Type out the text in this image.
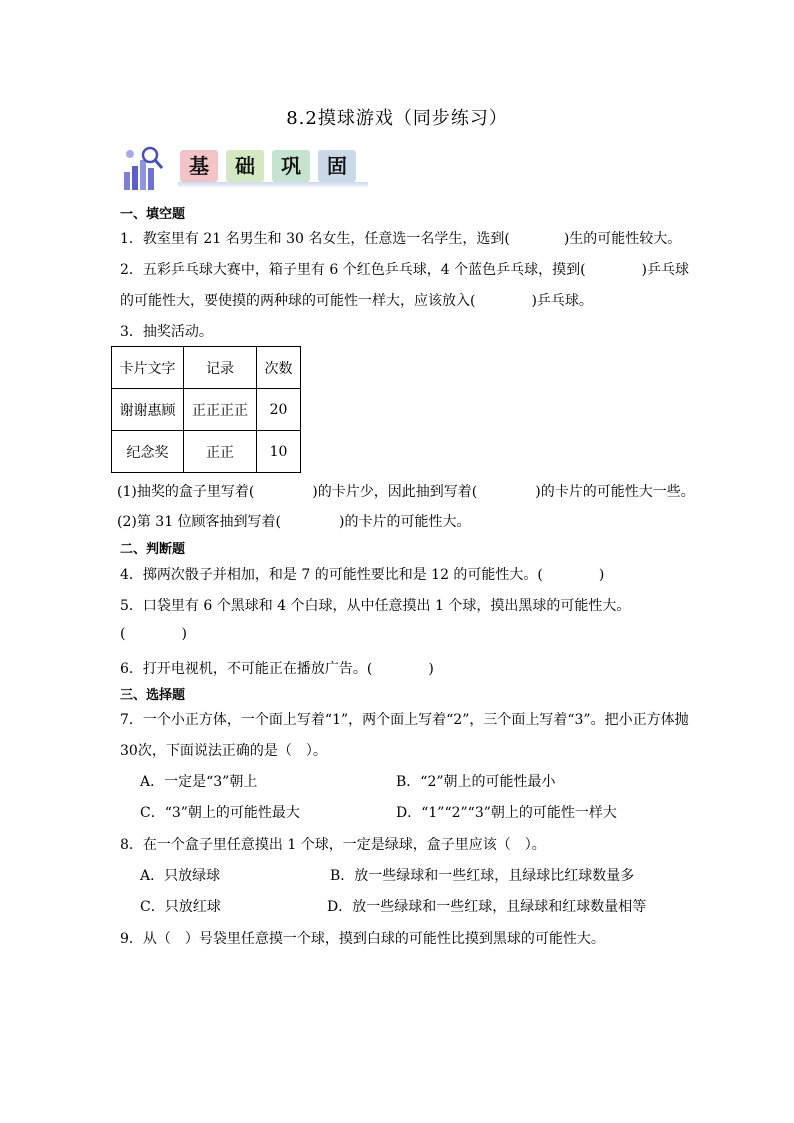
8.2摸球游戏（同步练习）
基	础	巩	固
一、填空题
1．教室里有 21 名男生和 30 名女生，任意选一名学生，选到(	)生的可能性较大。
2．五彩乒乓球大赛中，箱子里有 6 个红色乒乓球，4 个蓝色乒乓球，摸到(	)乒乓球
的可能性大，要使摸的两种球的可能性一样大，应该放入(	)乒乓球。
3．抽奖活动。
卡片文字	记录	次数
谢谢惠顾	正正正正	20
纪念奖	正正	10
(1)抽奖的盒子里写着(	)的卡片少，因此抽到写着(	)的卡片的可能性大一些。
(2)第 31 位顾客抽到写着(	)的卡片的可能性大。
二、判断题
4．掷两次骰子并相加，和是 7 的可能性要比和是 12 的可能性大。(	)
5．口袋里有 6 个黑球和 4 个白球，从中任意摸出 1 个球，摸出黑球的可能性大。
(	)
6．打开电视机，不可能正在播放广告。(	)
三、选择题
7．一个小正方体，一个面上写着“1”，两个面上写着“2”，三个面上写着“3”。把小正方体抛
30次，下面说法正确的是（　）。
A．一定是“3”朝上	B．“2”朝上的可能性最小
C．“3”朝上的可能性最大	D．“1”“2”“3”朝上的可能性一样大
8．在一个盒子里任意摸出 1 个球，一定是绿球，盒子里应该（　）。
A．只放绿球	B．放一些绿球和一些红球，且绿球比红球数量多
C．只放红球	D．放一些绿球和一些红球，且绿球和红球数量相等
9．从（　）号袋里任意摸一个球，摸到白球的可能性比摸到黑球的可能性大。
